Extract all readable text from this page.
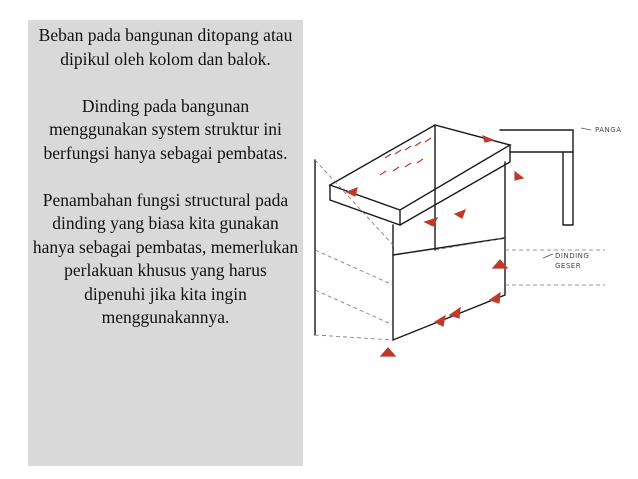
Beban pada bangunan ditopang atau dipikul oleh kolom dan balok.

Dinding pada bangunan menggunakan system struktur ini berfungsi hanya sebagai pembatas.

Penambahan fungsi structural pada dinding yang biasa kita gunakan hanya sebagai pembatas, memerlukan perlakuan khusus yang harus dipenuhi jika kita ingin menggunakannya.

PANGA
DINDING
GESER
